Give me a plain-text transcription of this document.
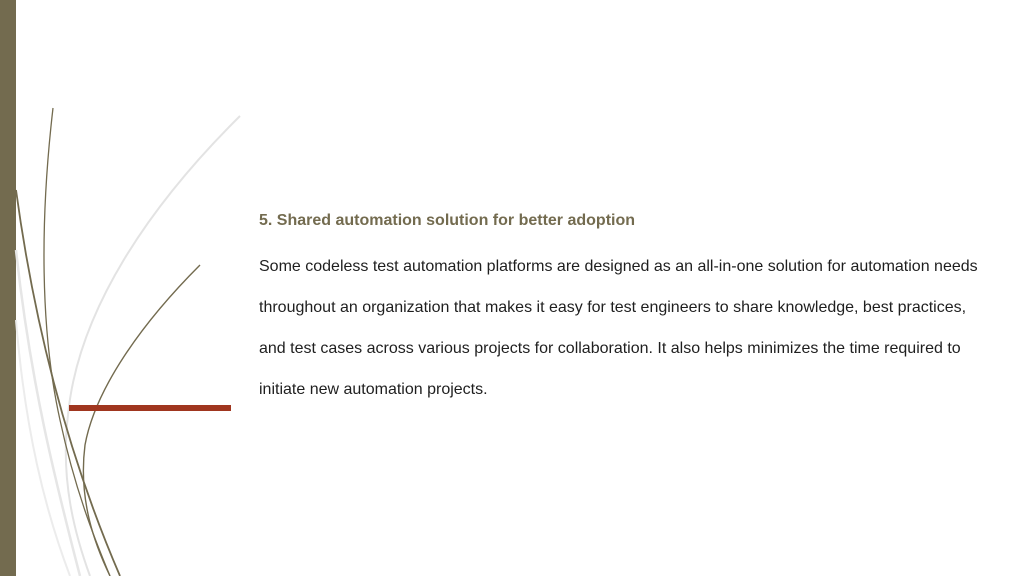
5. Shared automation solution for better adoption

Some codeless test automation platforms are designed as an all-in-one solution for automation needs throughout an organization that makes it easy for test engineers to share knowledge, best practices, and test cases across various projects for collaboration. It also helps minimizes the time required to initiate new automation projects.
